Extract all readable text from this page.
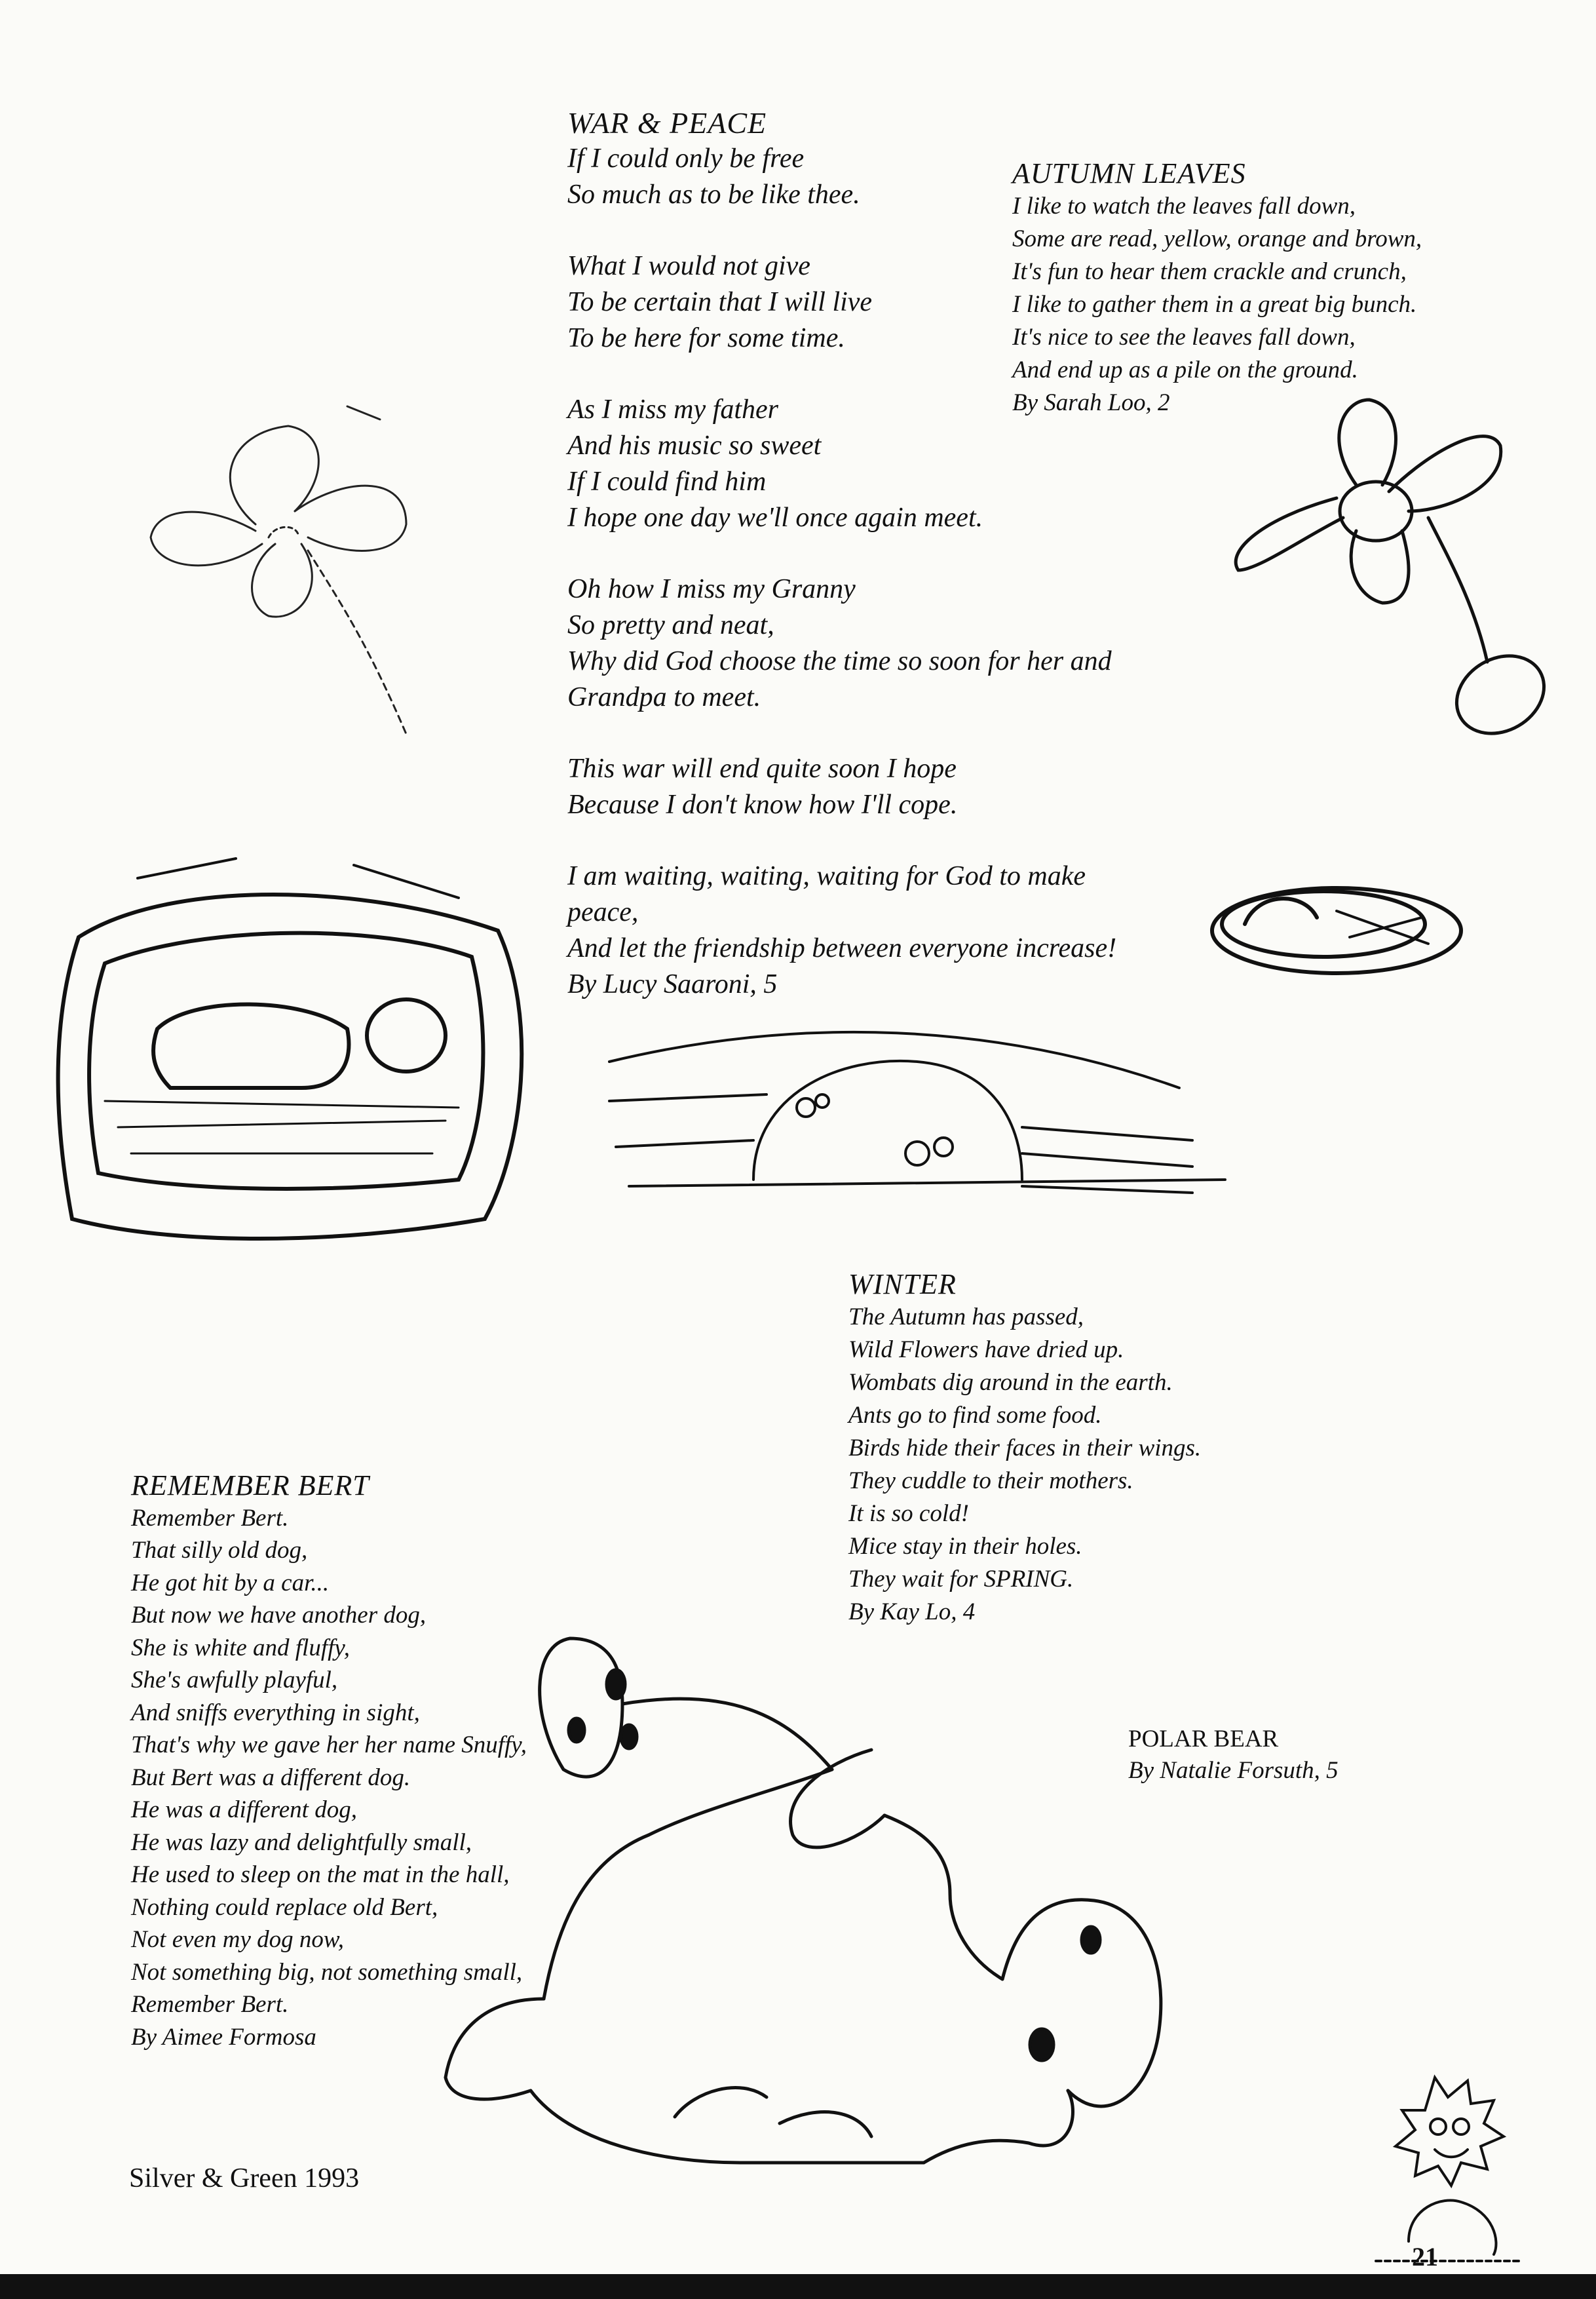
WAR & PEACE
If I could only be free
So much as to be like thee.
What I would not give
To be certain that I will live
To be here for some time.
As I miss my father
And his music so sweet
If I could find him
I hope one day we'll once again meet.
Oh how I miss my Granny
So pretty and neat,
Why did God choose the time so soon for her and
Grandpa to meet.
This war will end quite soon I hope
Because I don't know how I'll cope.
I am waiting, waiting, waiting for God to make
peace,
And let the friendship between everyone increase!
By Lucy Saaroni, 5
AUTUMN LEAVES
I like to watch the leaves fall down,
Some are read, yellow, orange and brown,
It's fun to hear them crackle and crunch,
I like to gather them in a great big bunch.
It's nice to see the leaves fall down,
And end up as a pile on the ground.
By Sarah Loo, 2
WINTER
The Autumn has passed,
Wild Flowers have dried up.
Wombats dig around in the earth.
Ants go to find some food.
Birds hide their faces in their wings.
They cuddle to their mothers.
It is so cold!
Mice stay in their holes.
They wait for SPRING.
By Kay Lo, 4
REMEMBER BERT
Remember Bert.
That silly old dog,
He got hit by a car...
But now we have another dog,
She is white and fluffy,
She's awfully playful,
And sniffs everything in sight,
That's why we gave her her name Snuffy,
But Bert was a different dog.
He was a different dog,
He was lazy and delightfully small,
He used to sleep on the mat in the hall,
Nothing could replace old Bert,
Not even my dog now,
Not something big, not something small,
Remember Bert.
By Aimee Formosa
POLAR BEAR
By Natalie Forsuth, 5
Silver & Green 1993
21
